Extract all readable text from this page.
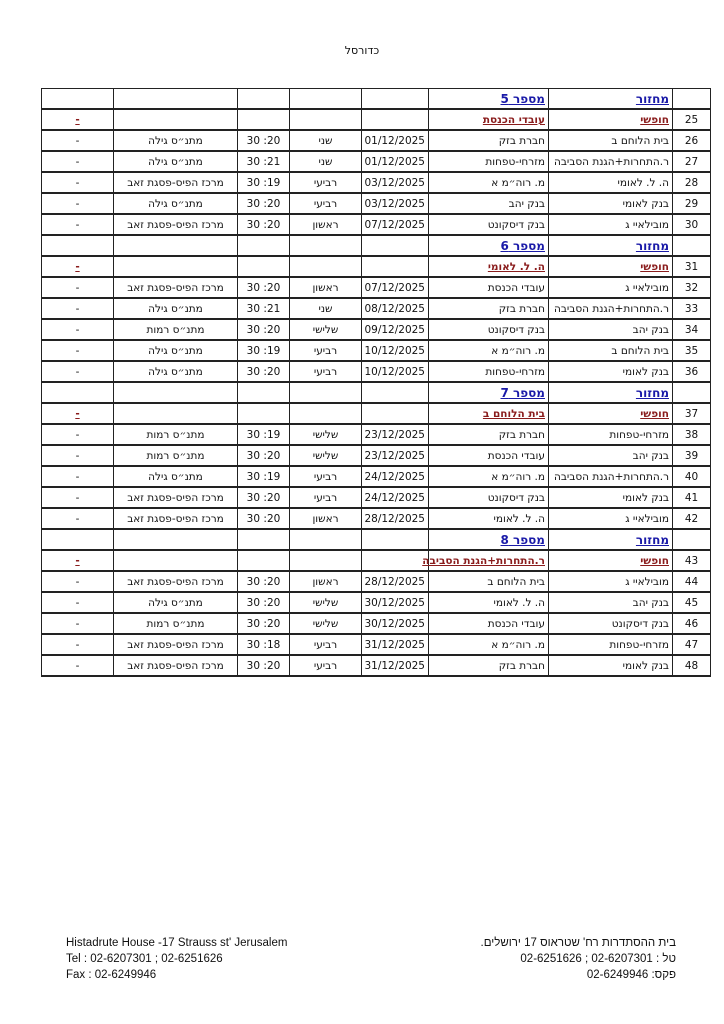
כדורסל
	מחזור	מספר 5					
25	חופשי	עובדי הכנסת					-
26	בית הלוחם ב	חברת בזק	01/12/2025	שני	20: 30	מתנ״ס גילה	-
27	ר.התחרות+הגנת הסביבה	מזרחי-טפחות	01/12/2025	שני	21: 30	מתנ״ס גילה	-
28	ה. ל. לאומי	מ. רוה״מ א	03/12/2025	רביעי	19: 30	מרכז הפיס-פסגת זאב	-
29	בנק לאומי	בנק יהב	03/12/2025	רביעי	20: 30	מתנ״ס גילה	-
30	מובילאיי ג	בנק דיסקונט	07/12/2025	ראשון	20: 30	מרכז הפיס-פסגת זאב	-
	מחזור	מספר 6					
31	חופשי	ה. ל. לאומי					-
32	מובילאיי ג	עובדי הכנסת	07/12/2025	ראשון	20: 30	מרכז הפיס-פסגת זאב	-
33	ר.התחרות+הגנת הסביבה	חברת בזק	08/12/2025	שני	21: 30	מתנ״ס גילה	-
34	בנק יהב	בנק דיסקונט	09/12/2025	שלישי	20: 30	מתנ״ס רמות	-
35	בית הלוחם ב	מ. רוה״מ א	10/12/2025	רביעי	19: 30	מתנ״ס גילה	-
36	בנק לאומי	מזרחי-טפחות	10/12/2025	רביעי	20: 30	מתנ״ס גילה	-
	מחזור	מספר 7					
37	חופשי	בית הלוחם ב					-
38	מזרחי-טפחות	חברת בזק	23/12/2025	שלישי	19: 30	מתנ״ס רמות	-
39	בנק יהב	עובדי הכנסת	23/12/2025	שלישי	20: 30	מתנ״ס רמות	-
40	ר.התחרות+הגנת הסביבה	מ. רוה״מ א	24/12/2025	רביעי	19: 30	מתנ״ס גילה	-
41	בנק לאומי	בנק דיסקונט	24/12/2025	רביעי	20: 30	מרכז הפיס-פסגת זאב	-
42	מובילאיי ג	ה. ל. לאומי	28/12/2025	ראשון	20: 30	מרכז הפיס-פסגת זאב	-
	מחזור	מספר 8					
43	חופשי	ר.התחרות+הגנת הסביבה					-
44	מובילאיי ג	בית הלוחם ב	28/12/2025	ראשון	20: 30	מרכז הפיס-פסגת זאב	-
45	בנק יהב	ה. ל. לאומי	30/12/2025	שלישי	20: 30	מתנ״ס גילה	-
46	בנק דיסקונט	עובדי הכנסת	30/12/2025	שלישי	20: 30	מתנ״ס רמות	-
47	מזרחי-טפחות	מ. רוה״מ א	31/12/2025	רביעי	18: 30	מרכז הפיס-פסגת זאב	-
48	בנק לאומי	חברת בזק	31/12/2025	רביעי	20: 30	מרכז הפיס-פסגת זאב	-
Histadrute House -17 Strauss st' Jerusalem
Tel : 02-6207301 ; 02-6251626
Fax : 02-6249946
בית ההסתדרות רח' שטראוס 17 ירושלים.
טל : 02-6207301 ; 02-6251626
פקס: 02-6249946
